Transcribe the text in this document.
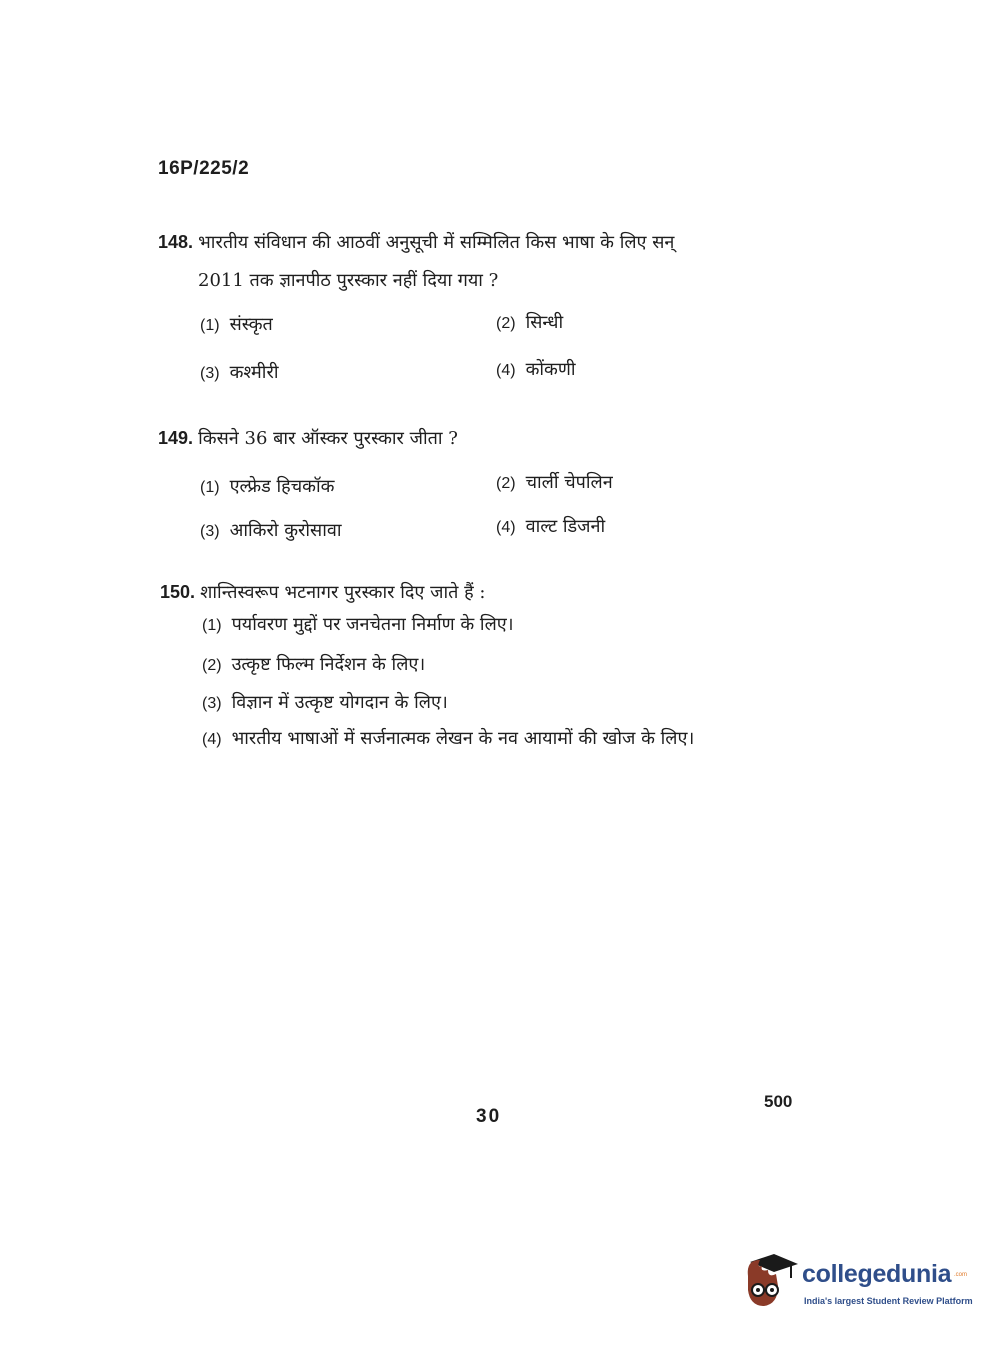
16P/225/2
148. भारतीय संविधान की आठवीं अनुसूची में सम्मिलित किस भाषा के लिए सन्
2011 तक ज्ञानपीठ पुरस्कार नहीं दिया गया ?
(1) संस्कृत	(2) सिन्धी
(3) कश्मीरी	(4) कोंकणी
149. किसने 36 बार ऑस्कर पुरस्कार जीता ?
(1) एल्फ्रेड हिचकॉक	(2) चार्ली चेपलिन
(3) आकिरो कुरोसावा	(4) वाल्ट डिजनी
150. शान्तिस्वरूप भटनागर पुरस्कार दिए जाते हैं :
(1) पर्यावरण मुद्दों पर जनचेतना निर्माण के लिए।
(2) उत्कृष्ट फिल्म निर्देशन के लिए।
(3) विज्ञान में उत्कृष्ट योगदान के लिए।
(4) भारतीय भाषाओं में सर्जनात्मक लेखन के नव आयामों की खोज के लिए।
500
30
collegedunia .com
India's largest Student Review Platform
